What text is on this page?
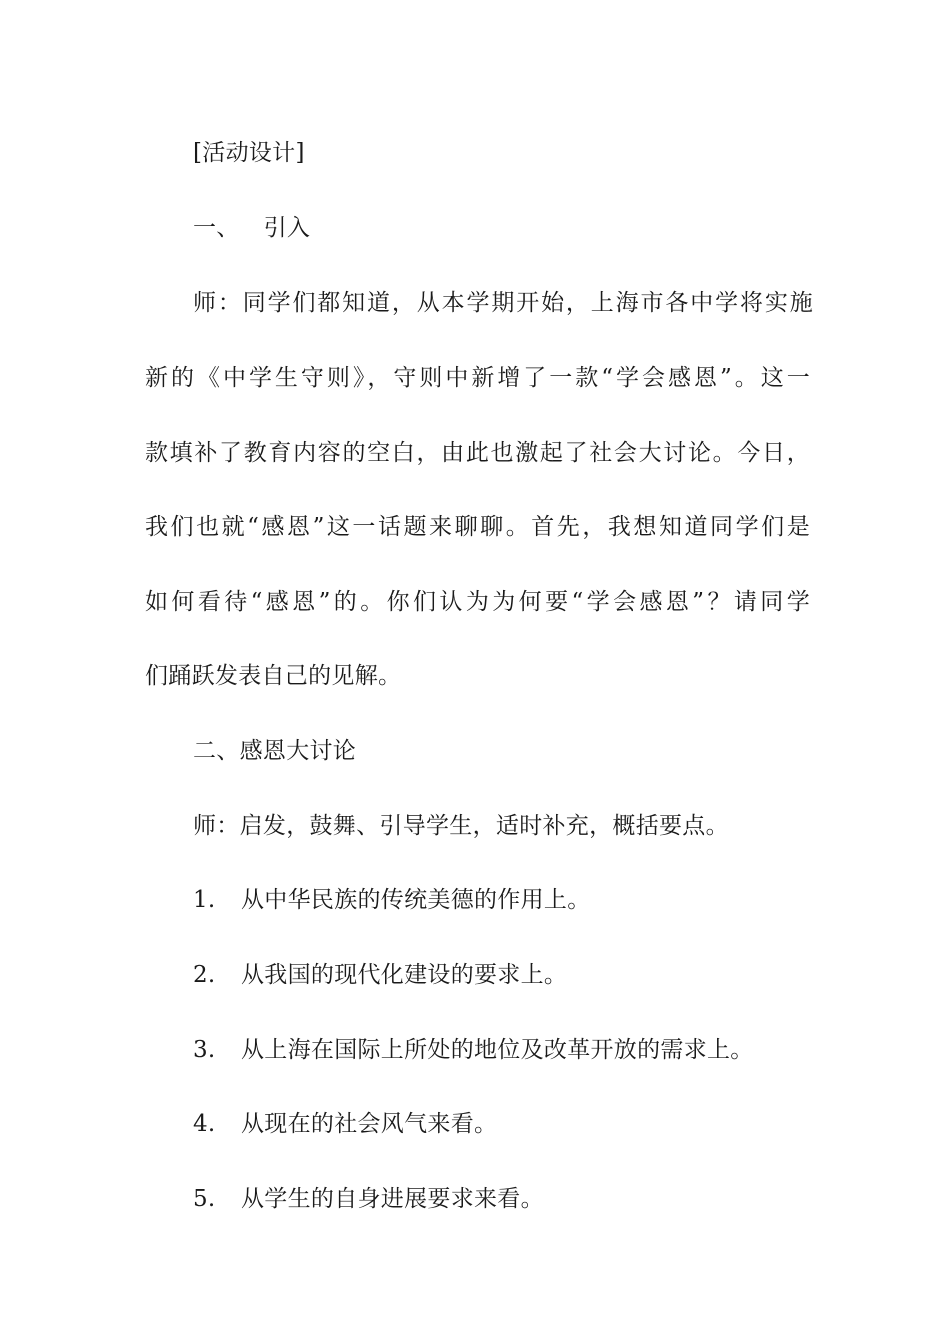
[活动设计]
一、 引入
师：同学们都知道，从本学期开始，上海市各中学将实施
新的《中学生守则》，守则中新增了一款“学会感恩”。这一
款填补了教育内容的空白，由此也激起了社会大讨论。今日，
我们也就“感恩”这一话题来聊聊。首先，我想知道同学们是
如何看待“感恩”的。你们认为为何要“学会感恩”？请同学
们踊跃发表自己的见解。
二、感恩大讨论
师：启发，鼓舞、引导学生，适时补充，概括要点。
1. 从中华民族的传统美德的作用上。
2. 从我国的现代化建设的要求上。
3. 从上海在国际上所处的地位及改革开放的需求上。
4. 从现在的社会风气来看。
5. 从学生的自身进展要求来看。
